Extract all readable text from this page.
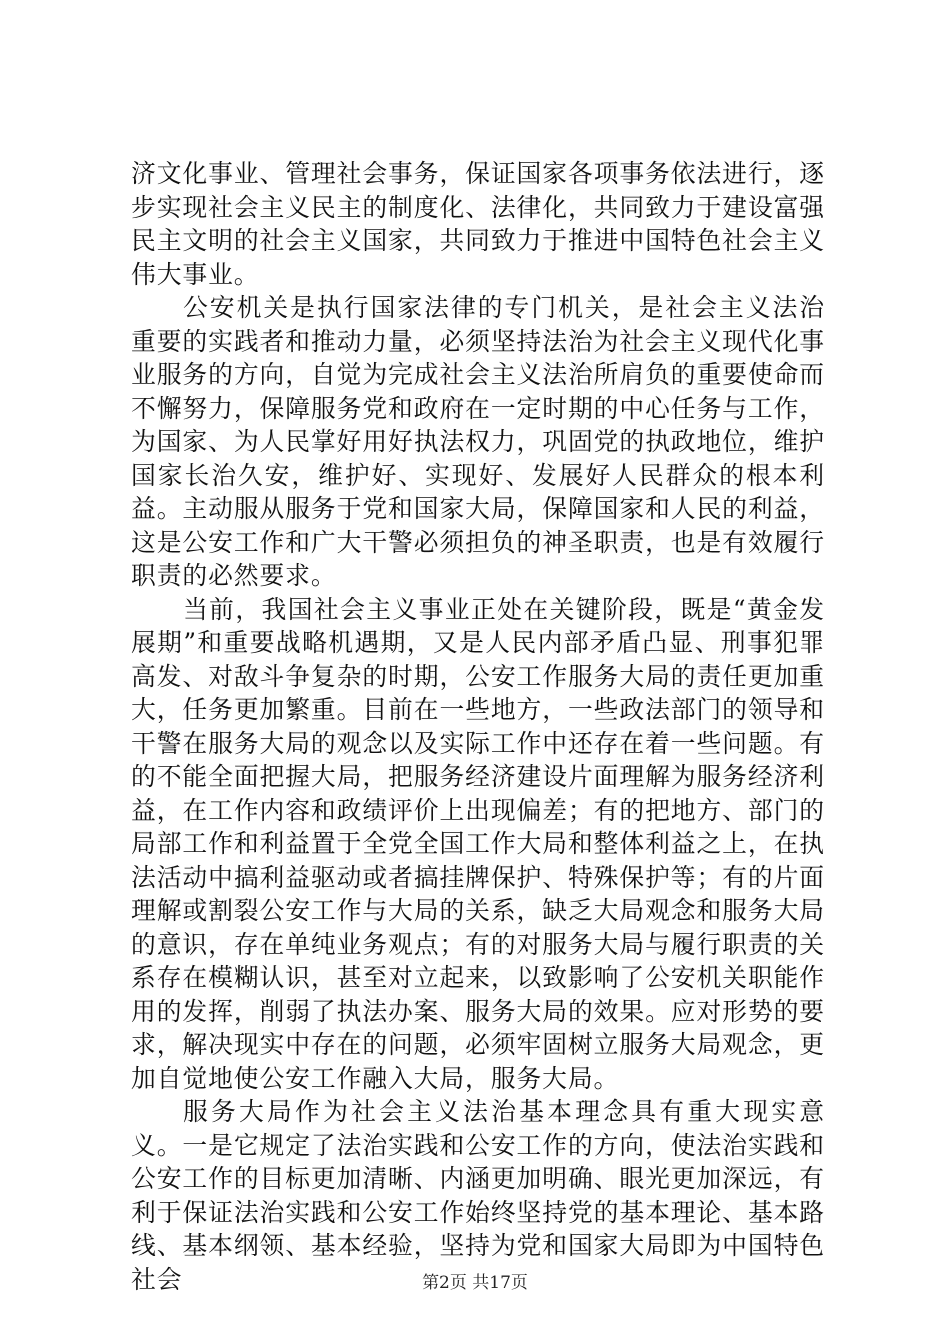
济文化事业、管理社会事务，保证国家各项事务依法进行，逐步实现社会主义民主的制度化、法律化，共同致力于建设富强民主文明的社会主义国家，共同致力于推进中国特色社会主义伟大事业。

公安机关是执行国家法律的专门机关，是社会主义法治重要的实践者和推动力量，必须坚持法治为社会主义现代化事业服务的方向，自觉为完成社会主义法治所肩负的重要使命而不懈努力，保障服务党和政府在一定时期的中心任务与工作，为国家、为人民掌好用好执法权力，巩固党的执政地位，维护国家长治久安，维护好、实现好、发展好人民群众的根本利益。主动服从服务于党和国家大局，保障国家和人民的利益，这是公安工作和广大干警必须担负的神圣职责，也是有效履行职责的必然要求。

当前，我国社会主义事业正处在关键阶段，既是“黄金发展期”和重要战略机遇期，又是人民内部矛盾凸显、刑事犯罪高发、对敌斗争复杂的时期，公安工作服务大局的责任更加重大，任务更加繁重。目前在一些地方，一些政法部门的领导和干警在服务大局的观念以及实际工作中还存在着一些问题。有的不能全面把握大局，把服务经济建设片面理解为服务经济利益，在工作内容和政绩评价上出现偏差；有的把地方、部门的局部工作和利益置于全党全国工作大局和整体利益之上，在执法活动中搞利益驱动或者搞挂牌保护、特殊保护等；有的片面理解或割裂公安工作与大局的关系，缺乏大局观念和服务大局的意识，存在单纯业务观点；有的对服务大局与履行职责的关系存在模糊认识，甚至对立起来，以致影响了公安机关职能作用的发挥，削弱了执法办案、服务大局的效果。应对形势的要求，解决现实中存在的问题，必须牢固树立服务大局观念，更加自觉地使公安工作融入大局，服务大局。

服务大局作为社会主义法治基本理念具有重大现实意义。一是它规定了法治实践和公安工作的方向，使法治实践和公安工作的目标更加清晰、内涵更加明确、眼光更加深远，有利于保证法治实践和公安工作始终坚持党的基本理论、基本路线、基本纲领、基本经验，坚持为党和国家大局即为中国特色社会	第2页 共17页
